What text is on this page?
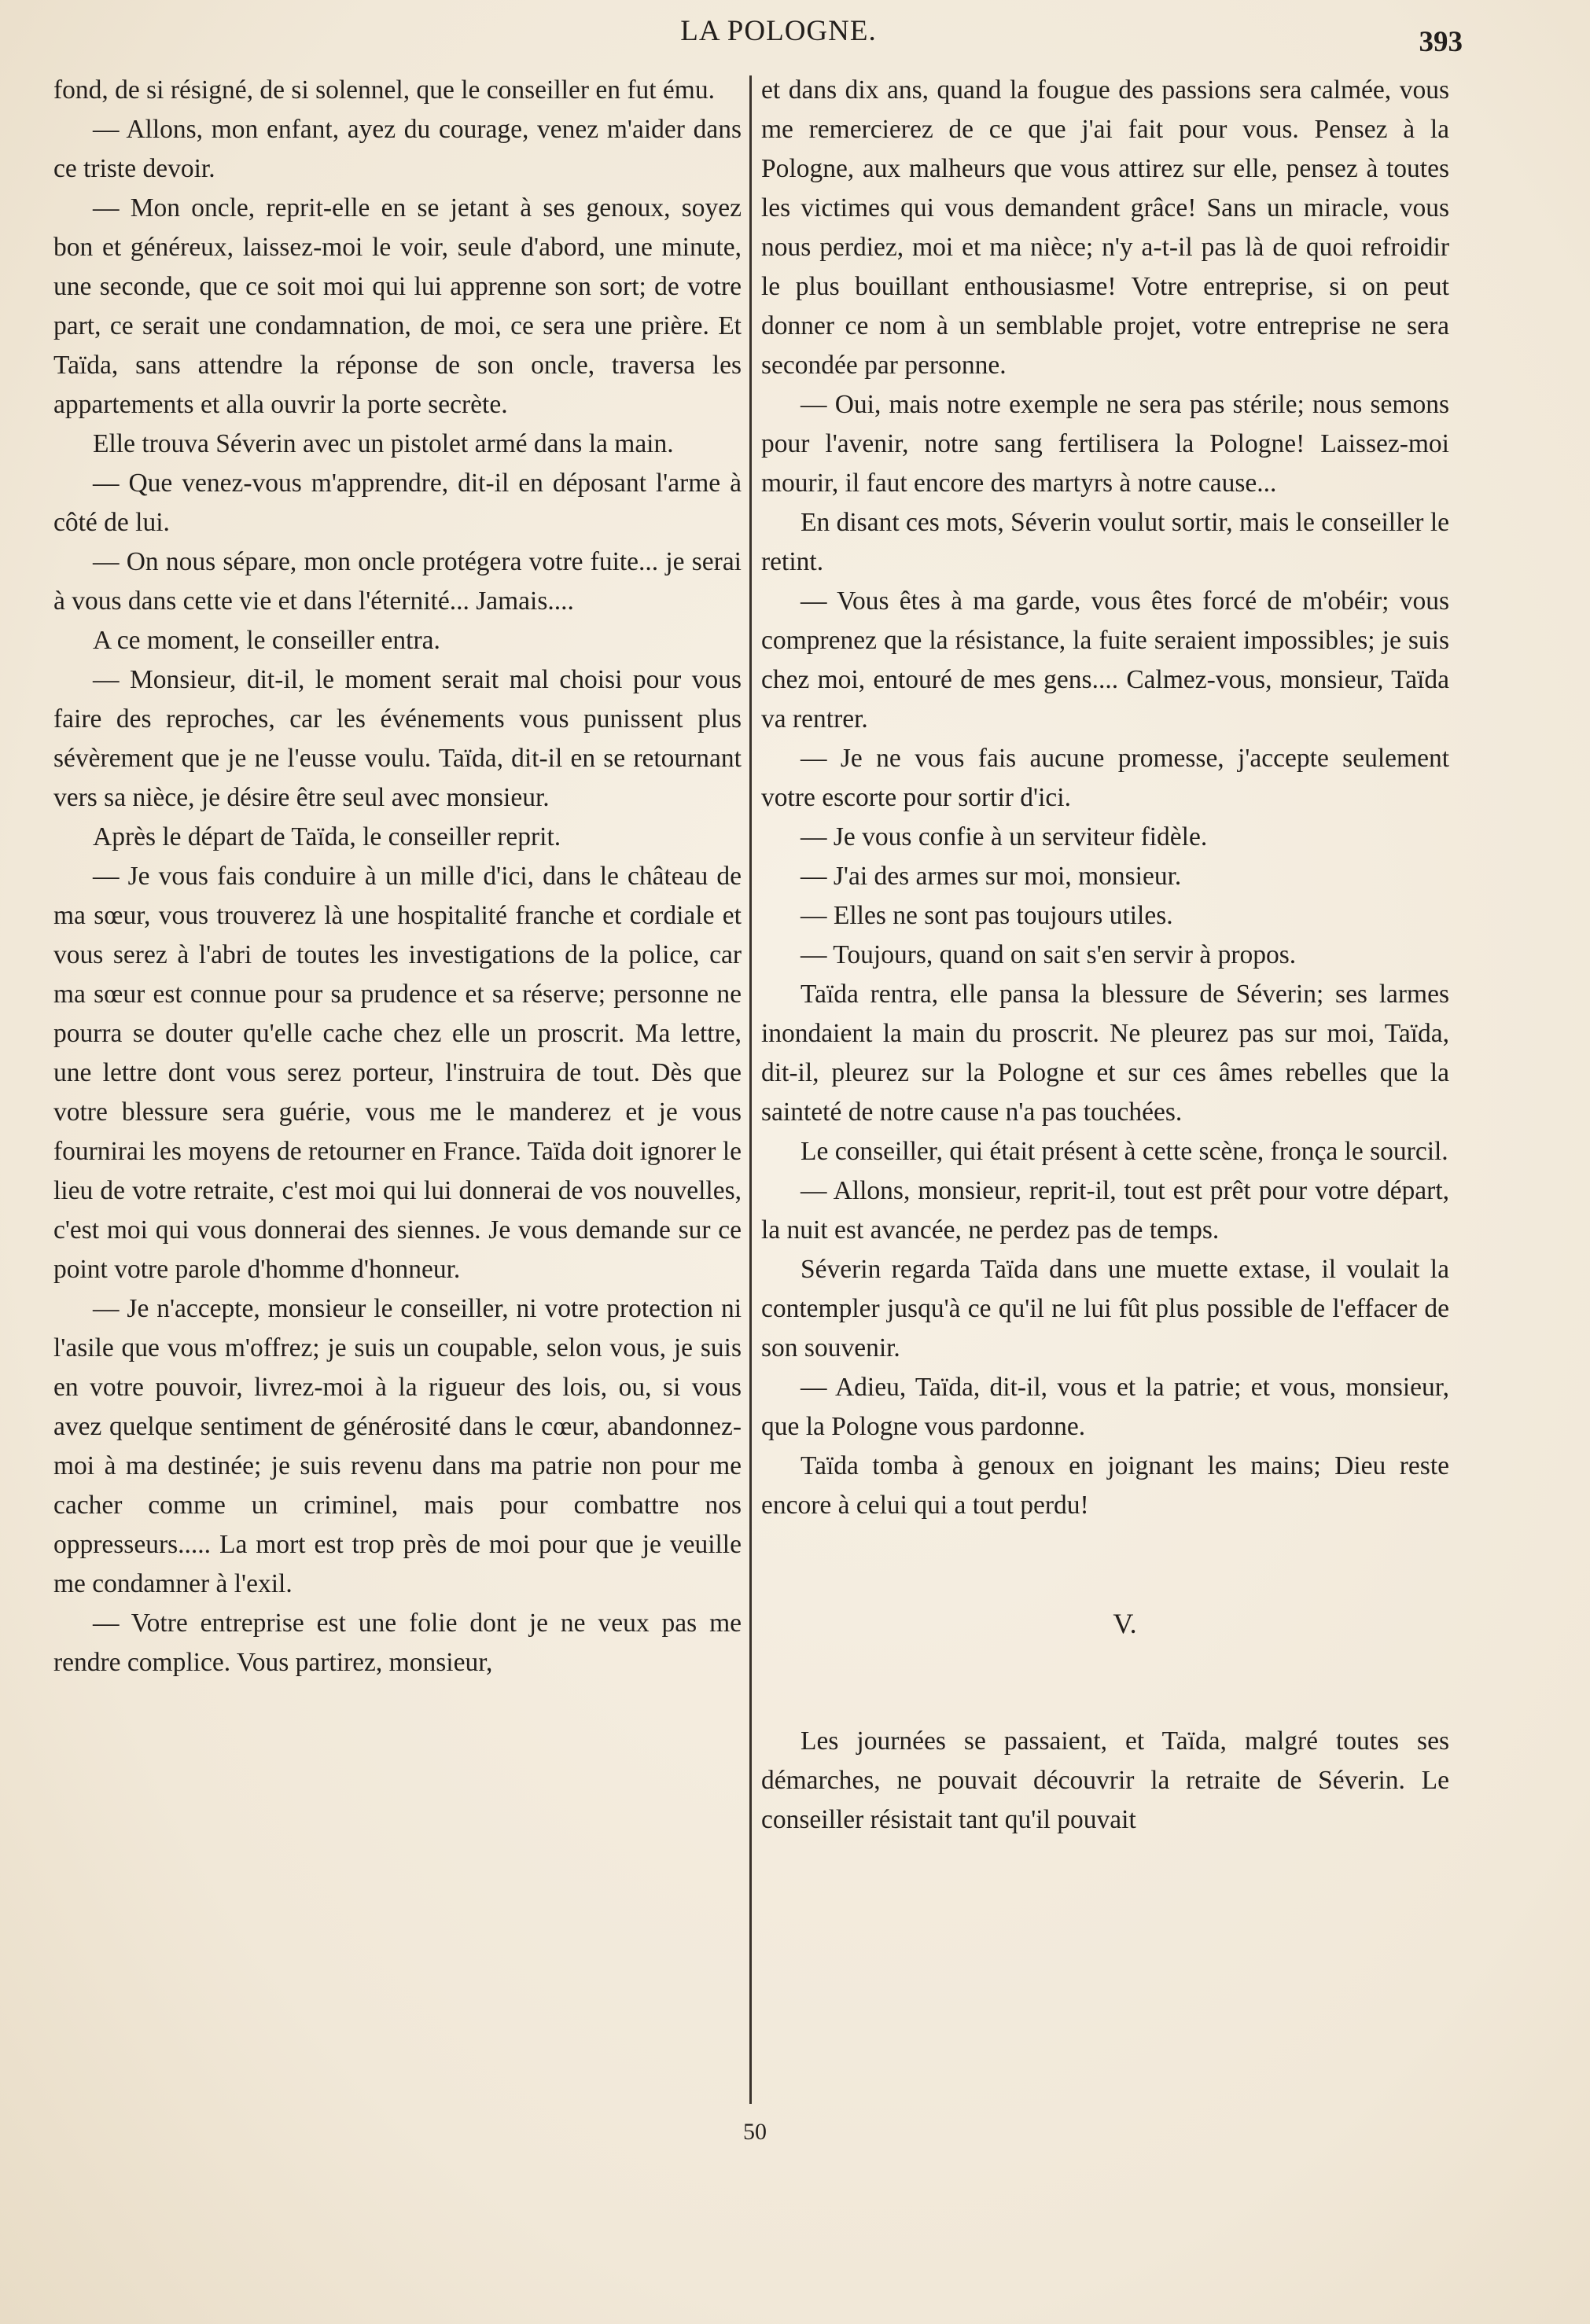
LA POLOGNE.	393

fond, de si résigné, de si solennel, que le conseiller en fut ému.

— Allons, mon enfant, ayez du courage, venez m'aider dans ce triste devoir.

— Mon oncle, reprit-elle en se jetant à ses genoux, soyez bon et généreux, laissez-moi le voir, seule d'abord, une minute, une seconde, que ce soit moi qui lui apprenne son sort; de votre part, ce serait une condamnation, de moi, ce sera une prière. Et Taïda, sans attendre la réponse de son oncle, traversa les appartements et alla ouvrir la porte secrète.

Elle trouva Séverin avec un pistolet armé dans la main.

— Que venez-vous m'apprendre, dit-il en déposant l'arme à côté de lui.

— On nous sépare, mon oncle protégera votre fuite... je serai à vous dans cette vie et dans l'éternité... Jamais....

A ce moment, le conseiller entra.

— Monsieur, dit-il, le moment serait mal choisi pour vous faire des reproches, car les événements vous punissent plus sévèrement que je ne l'eusse voulu. Taïda, dit-il en se retournant vers sa nièce, je désire être seul avec monsieur.

Après le départ de Taïda, le conseiller reprit.

— Je vous fais conduire à un mille d'ici, dans le château de ma sœur, vous trouverez là une hospitalité franche et cordiale et vous serez à l'abri de toutes les investigations de la police, car ma sœur est connue pour sa prudence et sa réserve; personne ne pourra se douter qu'elle cache chez elle un proscrit. Ma lettre, une lettre dont vous serez porteur, l'instruira de tout. Dès que votre blessure sera guérie, vous me le manderez et je vous fournirai les moyens de retourner en France. Taïda doit ignorer le lieu de votre retraite, c'est moi qui lui donnerai de vos nouvelles, c'est moi qui vous donnerai des siennes. Je vous demande sur ce point votre parole d'homme d'honneur.

— Je n'accepte, monsieur le conseiller, ni votre protection ni l'asile que vous m'offrez; je suis un coupable, selon vous, je suis en votre pouvoir, livrez-moi à la rigueur des lois, ou, si vous avez quelque sentiment de générosité dans le cœur, abandonnez-moi à ma destinée; je suis revenu dans ma patrie non pour me cacher comme un criminel, mais pour combattre nos oppresseurs..... La mort est trop près de moi pour que je veuille me condamner à l'exil.

— Votre entreprise est une folie dont je ne veux pas me rendre complice. Vous partirez, monsieur,

et dans dix ans, quand la fougue des passions sera calmée, vous me remercierez de ce que j'ai fait pour vous. Pensez à la Pologne, aux malheurs que vous attirez sur elle, pensez à toutes les victimes qui vous demandent grâce! Sans un miracle, vous nous perdiez, moi et ma nièce; n'y a-t-il pas là de quoi refroidir le plus bouillant enthousiasme! Votre entreprise, si on peut donner ce nom à un semblable projet, votre entreprise ne sera secondée par personne.

— Oui, mais notre exemple ne sera pas stérile; nous semons pour l'avenir, notre sang fertilisera la Pologne! Laissez-moi mourir, il faut encore des martyrs à notre cause...

En disant ces mots, Séverin voulut sortir, mais le conseiller le retint.

— Vous êtes à ma garde, vous êtes forcé de m'obéir; vous comprenez que la résistance, la fuite seraient impossibles; je suis chez moi, entouré de mes gens.... Calmez-vous, monsieur, Taïda va rentrer.

— Je ne vous fais aucune promesse, j'accepte seulement votre escorte pour sortir d'ici.

— Je vous confie à un serviteur fidèle.

— J'ai des armes sur moi, monsieur.

— Elles ne sont pas toujours utiles.

— Toujours, quand on sait s'en servir à propos.

Taïda rentra, elle pansa la blessure de Séverin; ses larmes inondaient la main du proscrit. Ne pleurez pas sur moi, Taïda, dit-il, pleurez sur la Pologne et sur ces âmes rebelles que la sainteté de notre cause n'a pas touchées.

Le conseiller, qui était présent à cette scène, fronça le sourcil.

— Allons, monsieur, reprit-il, tout est prêt pour votre départ, la nuit est avancée, ne perdez pas de temps.

Séverin regarda Taïda dans une muette extase, il voulait la contempler jusqu'à ce qu'il ne lui fût plus possible de l'effacer de son souvenir.

— Adieu, Taïda, dit-il, vous et la patrie; et vous, monsieur, que la Pologne vous pardonne.

Taïda tomba à genoux en joignant les mains; Dieu reste encore à celui qui a tout perdu!

V.

Les journées se passaient, et Taïda, malgré toutes ses démarches, ne pouvait découvrir la retraite de Séverin. Le conseiller résistait tant qu'il pouvait

50
